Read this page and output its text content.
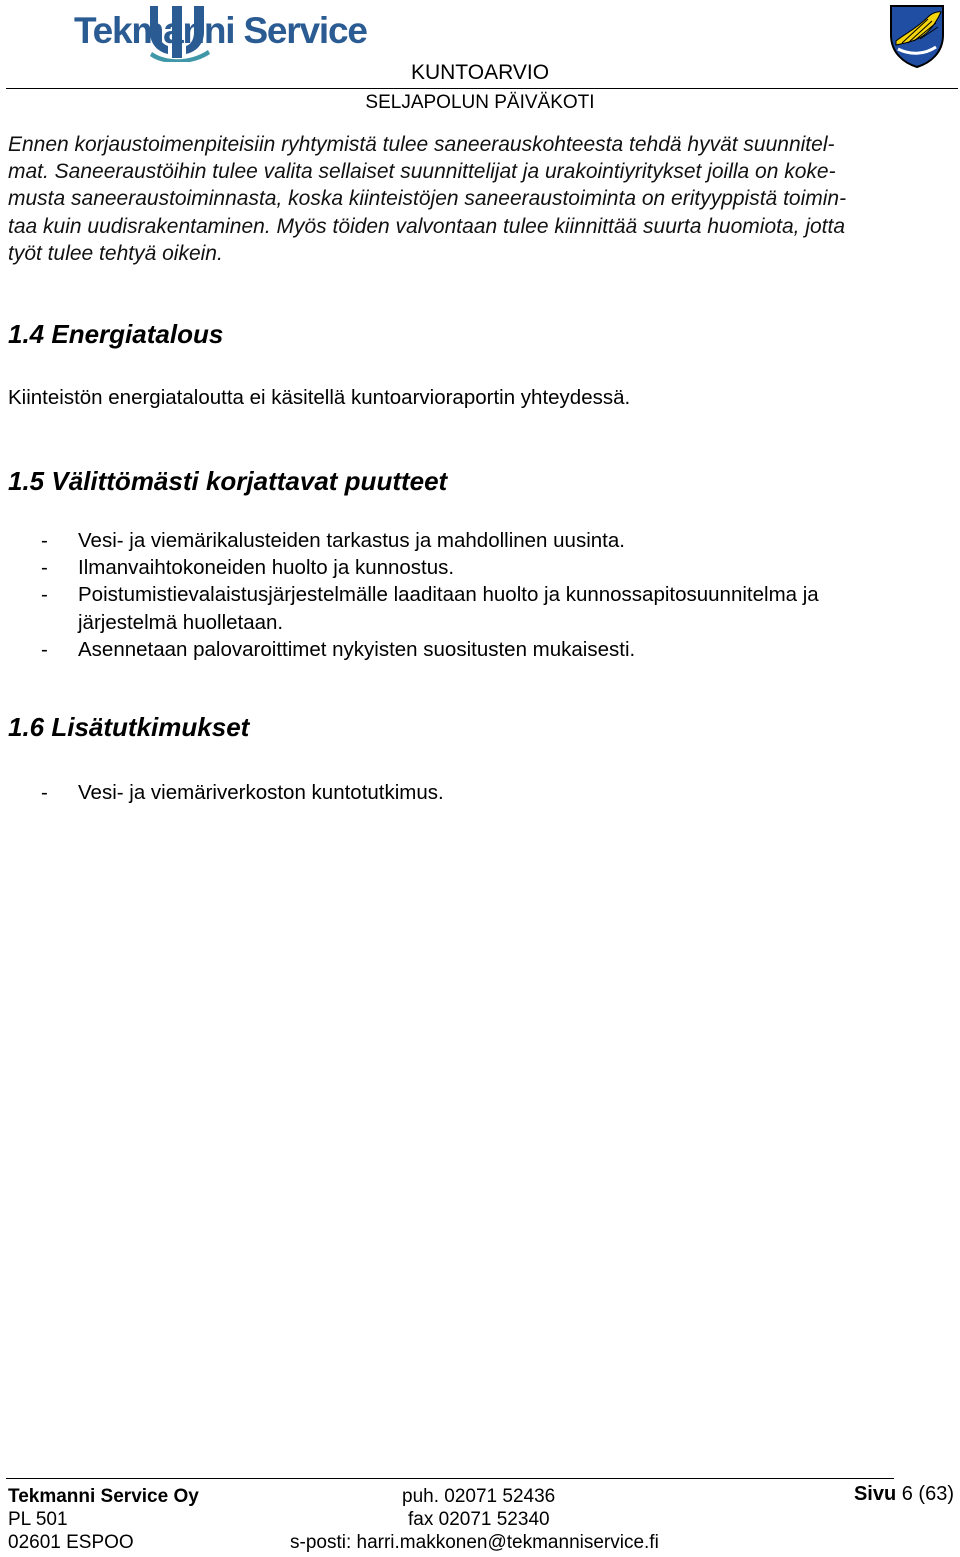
Tekmanni Service
KUNTOARVIO
SELJAPOLUN PÄIVÄKOTI
Ennen korjaustoimenpiteisiin ryhtymistä tulee saneerauskohteesta tehdä hyvät suunnitel-
mat. Saneeraustöihin tulee valita sellaiset suunnittelijat ja urakointiyritykset joilla on koke-
musta saneeraustoiminnasta, koska kiinteistöjen saneeraustoiminta on erityyppistä toimin-
taa kuin uudisrakentaminen. Myös töiden valvontaan tulee kiinnittää suurta huomiota, jotta
työt tulee tehtyä oikein.
1.4 Energiatalous
Kiinteistön energiataloutta ei käsitellä kuntoarvioraportin yhteydessä.
1.5 Välittömästi korjattavat puutteet
- Vesi- ja viemärikalusteiden tarkastus ja mahdollinen uusinta.
- Ilmanvaihtokoneiden huolto ja kunnostus.
- Poistumistievalaistusjärjestelmälle laaditaan huolto ja kunnossapitosuunnitelma ja
järjestelmä huolletaan.
- Asennetaan palovaroittimet nykyisten suositusten mukaisesti.
1.6 Lisätutkimukset
- Vesi- ja viemäriverkoston kuntotutkimus.
Tekmanni Service Oy
PL 501
02601 ESPOO
puh. 02071 52436
fax 02071 52340
s-posti: harri.makkonen@tekmanniservice.fi
Sivu 6 (63)
